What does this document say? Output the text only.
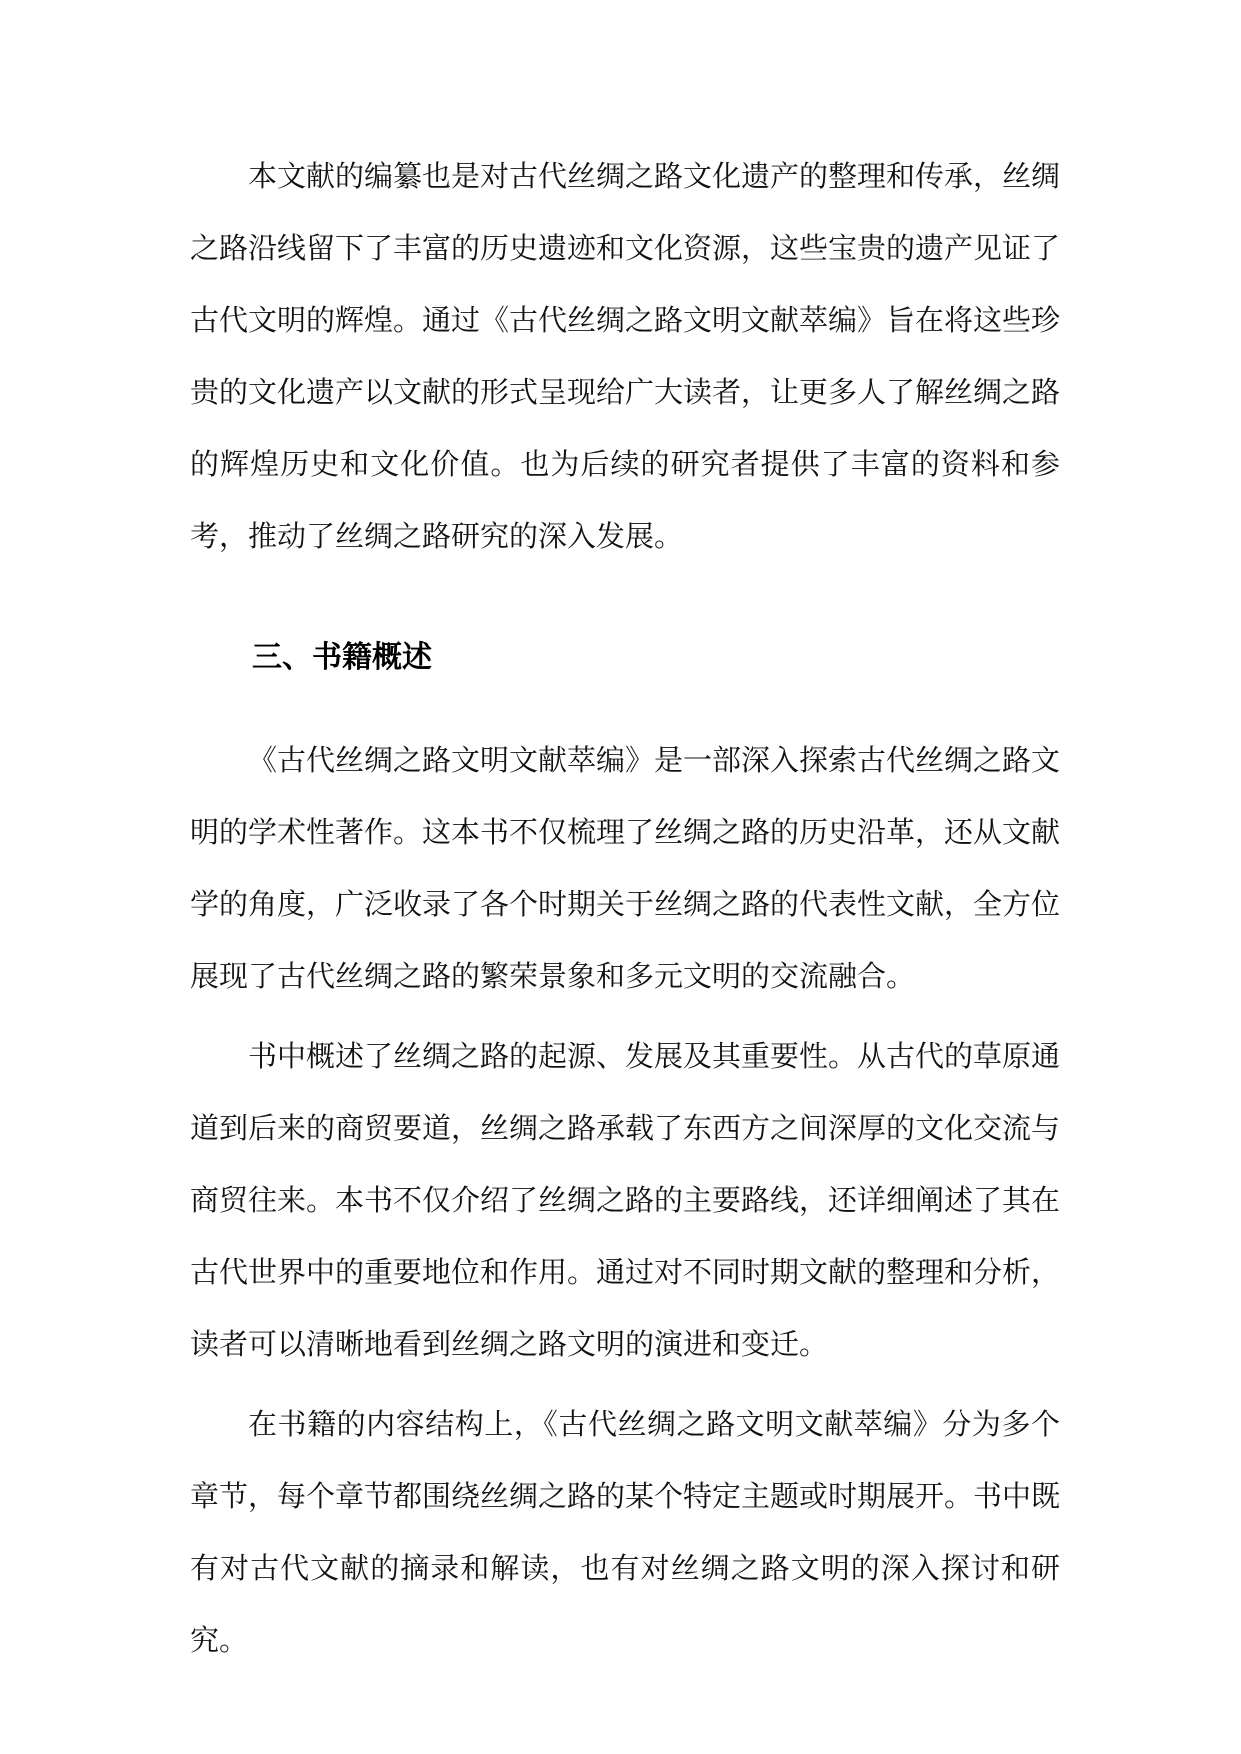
本文献的编纂也是对古代丝绸之路文化遗产的整理和传承，丝绸之路沿线留下了丰富的历史遗迹和文化资源，这些宝贵的遗产见证了古代文明的辉煌。通过《古代丝绸之路文明文献萃编》旨在将这些珍贵的文化遗产以文献的形式呈现给广大读者，让更多人了解丝绸之路的辉煌历史和文化价值。也为后续的研究者提供了丰富的资料和参考，推动了丝绸之路研究的深入发展。

三、书籍概述

《古代丝绸之路文明文献萃编》是一部深入探索古代丝绸之路文明的学术性著作。这本书不仅梳理了丝绸之路的历史沿革，还从文献学的角度，广泛收录了各个时期关于丝绸之路的代表性文献，全方位展现了古代丝绸之路的繁荣景象和多元文明的交流融合。

书中概述了丝绸之路的起源、发展及其重要性。从古代的草原通道到后来的商贸要道，丝绸之路承载了东西方之间深厚的文化交流与商贸往来。本书不仅介绍了丝绸之路的主要路线，还详细阐述了其在古代世界中的重要地位和作用。通过对不同时期文献的整理和分析，读者可以清晰地看到丝绸之路文明的演进和变迁。

在书籍的内容结构上，《古代丝绸之路文明文献萃编》分为多个章节，每个章节都围绕丝绸之路的某个特定主题或时期展开。书中既有对古代文献的摘录和解读，也有对丝绸之路文明的深入探讨和研究。
